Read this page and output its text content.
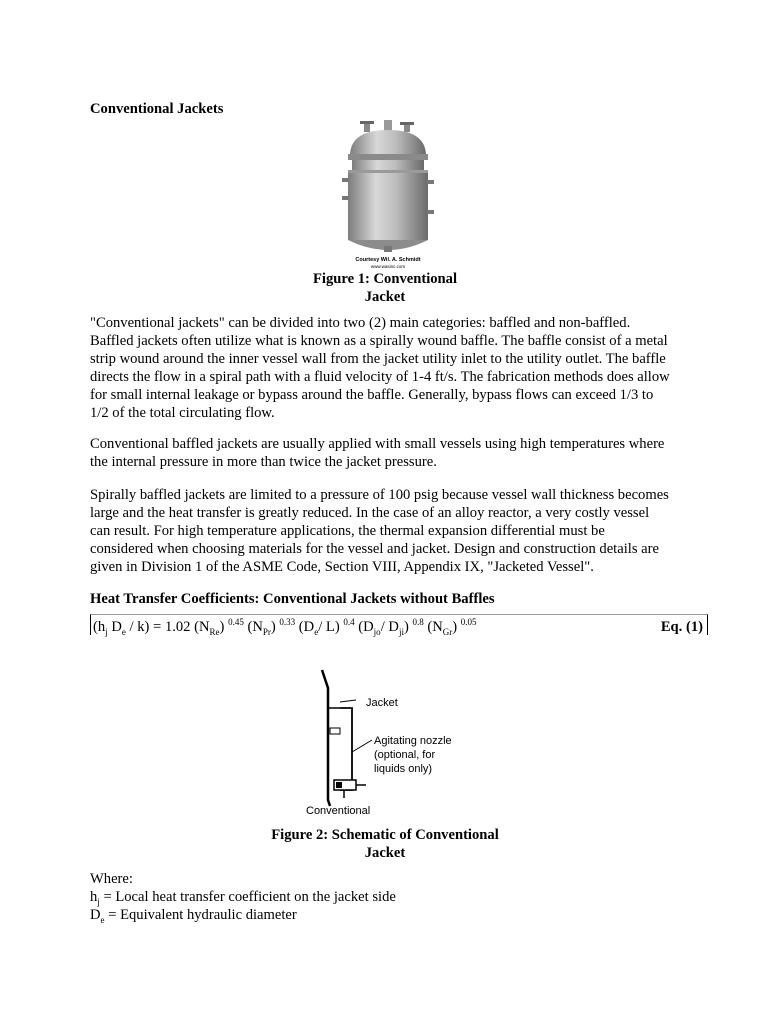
Conventional Jackets
Courtesy Wil. A. Schmidt
www.wasinc.com
Figure 1: Conventional
Jacket

"Conventional jackets" can be divided into two (2) main categories: baffled and non-baffled. Baffled jackets often utilize what is known as a spirally wound baffle. The baffle consist of a metal strip wound around the inner vessel wall from the jacket utility inlet to the utility outlet. The baffle directs the flow in a spiral path with a fluid velocity of 1-4 ft/s. The fabrication methods does allow for small internal leakage or bypass around the baffle. Generally, bypass flows can exceed 1/3 to 1/2 of the total circulating flow.

Conventional baffled jackets are usually applied with small vessels using high temperatures where the internal pressure in more than twice the jacket pressure.

Spirally baffled jackets are limited to a pressure of 100 psig because vessel wall thickness becomes large and the heat transfer is greatly reduced. In the case of an alloy reactor, a very costly vessel can result. For high temperature applications, the thermal expansion differential must be considered when choosing materials for the vessel and jacket. Design and construction details are given in Division 1 of the ASME Code, Section VIII, Appendix IX, "Jacketed Vessel".

Heat Transfer Coefficients: Conventional Jackets without Baffles
($h_j$ $D_e / k) = 1.02$ $(N_{Re})$ $^{0.45}$ $(N_{Pr})$ $^{0.33}$ ($D_e/$ L) $^{0.4}$ ($D_{jo}/$ $D_{ji}$) $^{0.8}$ $(N_{Gr})$ $^{0.05}$	Eq. (1)
Jacket
Agitating nozzle
(optional, for
liquids only)
Conventional
Figure 2: Schematic of Conventional
Jacket
Where:
$h_j$ = Local heat transfer coefficient on the jacket side
$D_e$ = Equivalent hydraulic diameter
